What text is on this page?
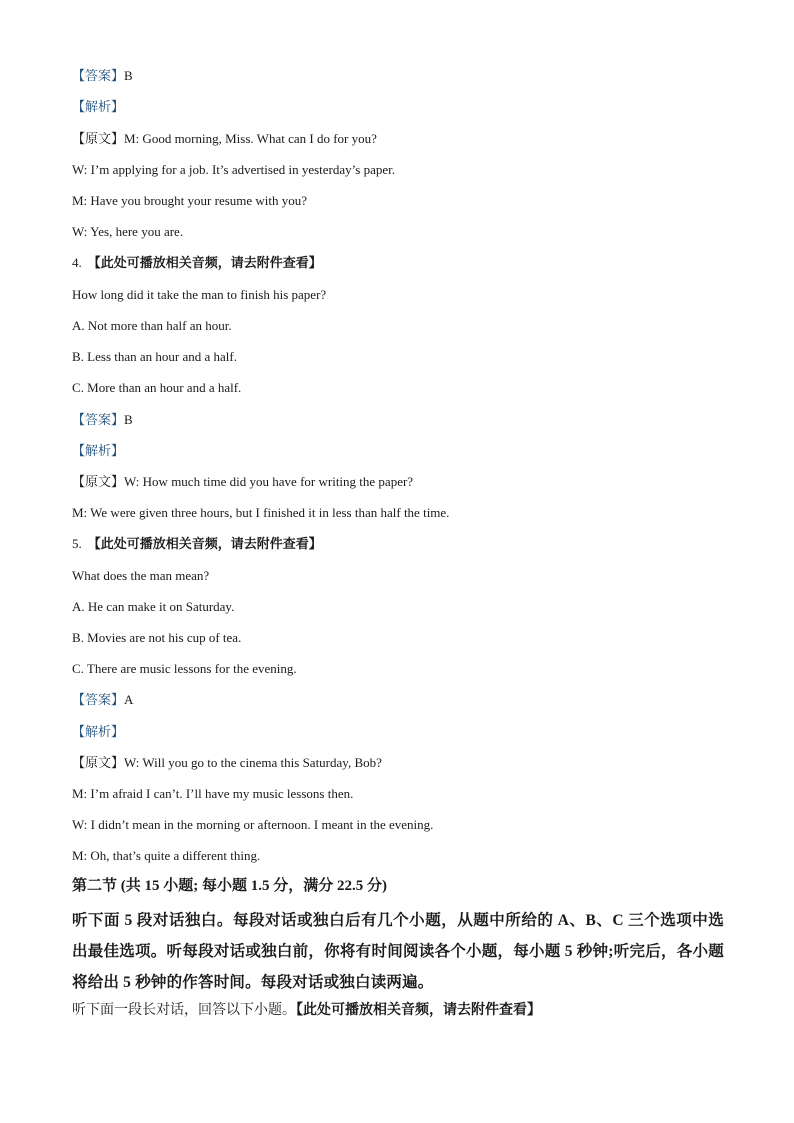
【答案】B
【解析】
【原文】M: Good morning, Miss. What can I do for you?
W: I’m applying for a job. It’s advertised in yesterday’s paper.
M: Have you brought your resume with you?
W: Yes, here you are.
4. 【此处可播放相关音频，请去附件查看】
How long did it take the man to finish his paper?
A. Not more than half an hour.
B. Less than an hour and a half.
C. More than an hour and a half.
【答案】B
【解析】
【原文】W: How much time did you have for writing the paper?
M: We were given three hours, but I finished it in less than half the time.
5. 【此处可播放相关音频，请去附件查看】
What does the man mean?
A. He can make it on Saturday.
B. Movies are not his cup of tea.
C. There are music lessons for the evening.
【答案】A
【解析】
【原文】W: Will you go to the cinema this Saturday, Bob?
M: I’m afraid I can’t. I’ll have my music lessons then.
W: I didn’t mean in the morning or afternoon. I meant in the evening.
M: Oh, that’s quite a different thing.
第二节 (共 15 小题; 每小题 1.5 分，满分 22.5 分)
听下面 5 段对话独白。每段对话或独白后有几个小题，从题中所给的 A、B、C 三个选项中选出最佳选项。听每段对话或独白前，你将有时间阅读各个小题，每小题 5 秒钟;听完后，各小题将给出 5 秒钟的作答时间。每段对话或独白读两遍。
听下面一段长对话，回答以下小题。【此处可播放相关音频，请去附件查看】
